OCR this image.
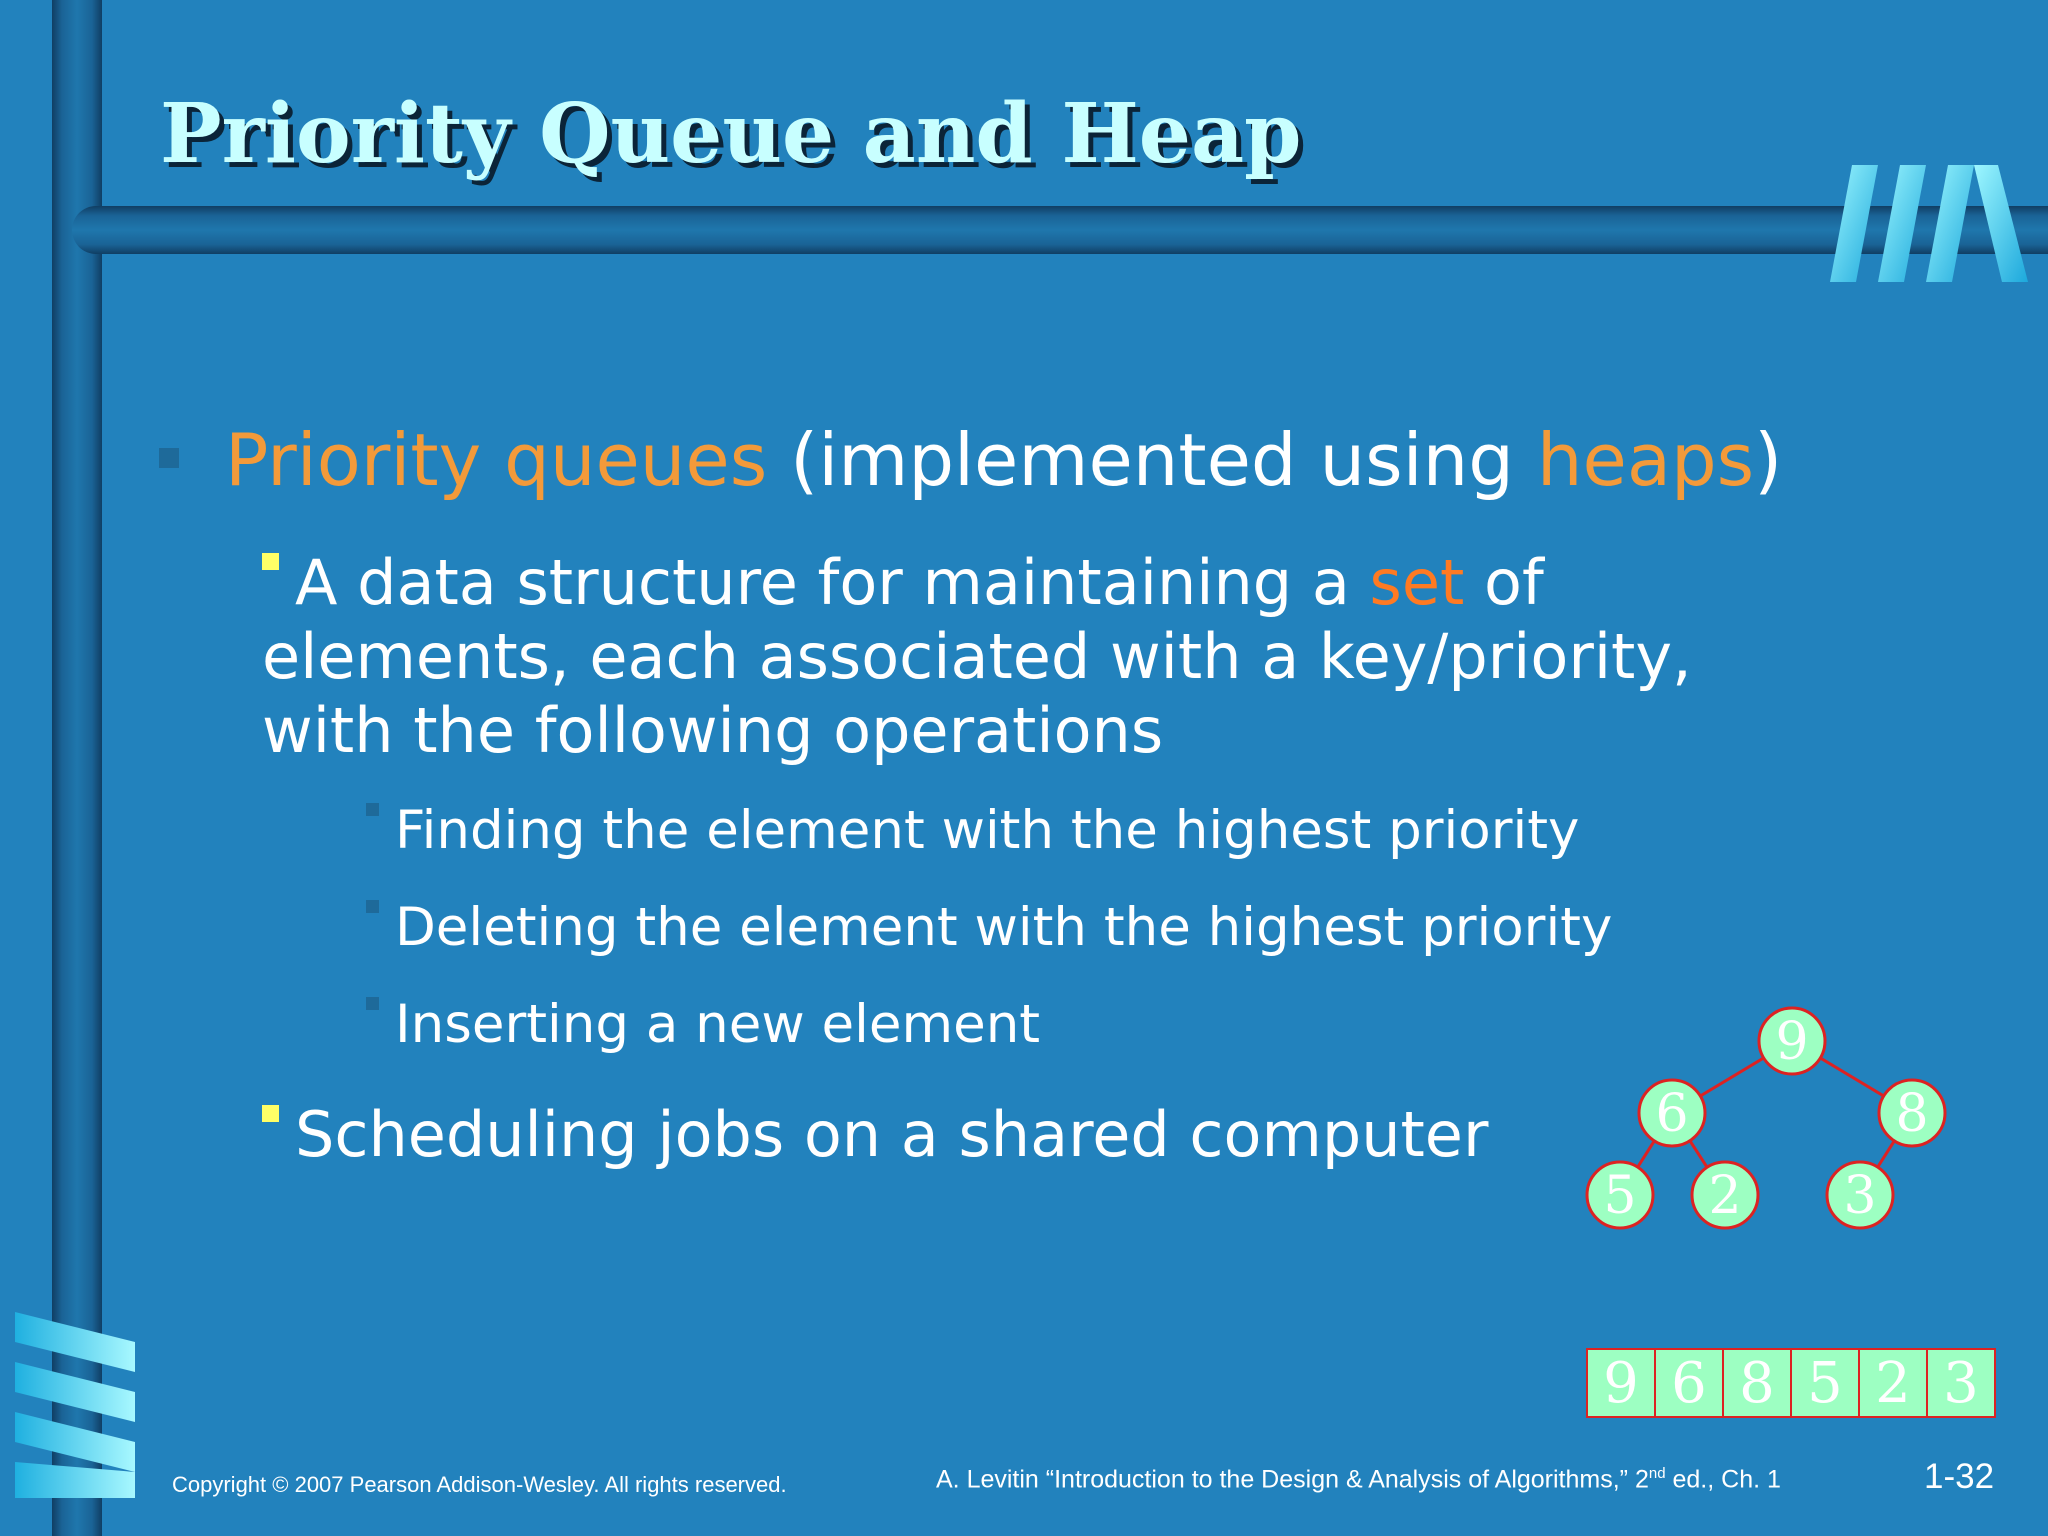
Priority Queue and Heap
Priority queues (implemented using heaps)
A data structure for maintaining a set of
elements, each associated with a key/priority,
with the following operations
Finding the element with the highest priority
Deleting the element with the highest priority
Inserting a new element
Scheduling jobs on a shared computer
9
6	8
5 2 3
9 6 8 5 2 3
Copyright © 2007 Pearson Addison-Wesley. All rights reserved.	A. Levitin “Introduction to the Design & Analysis of Algorithms,” 2nd ed., Ch. 1	1-32
